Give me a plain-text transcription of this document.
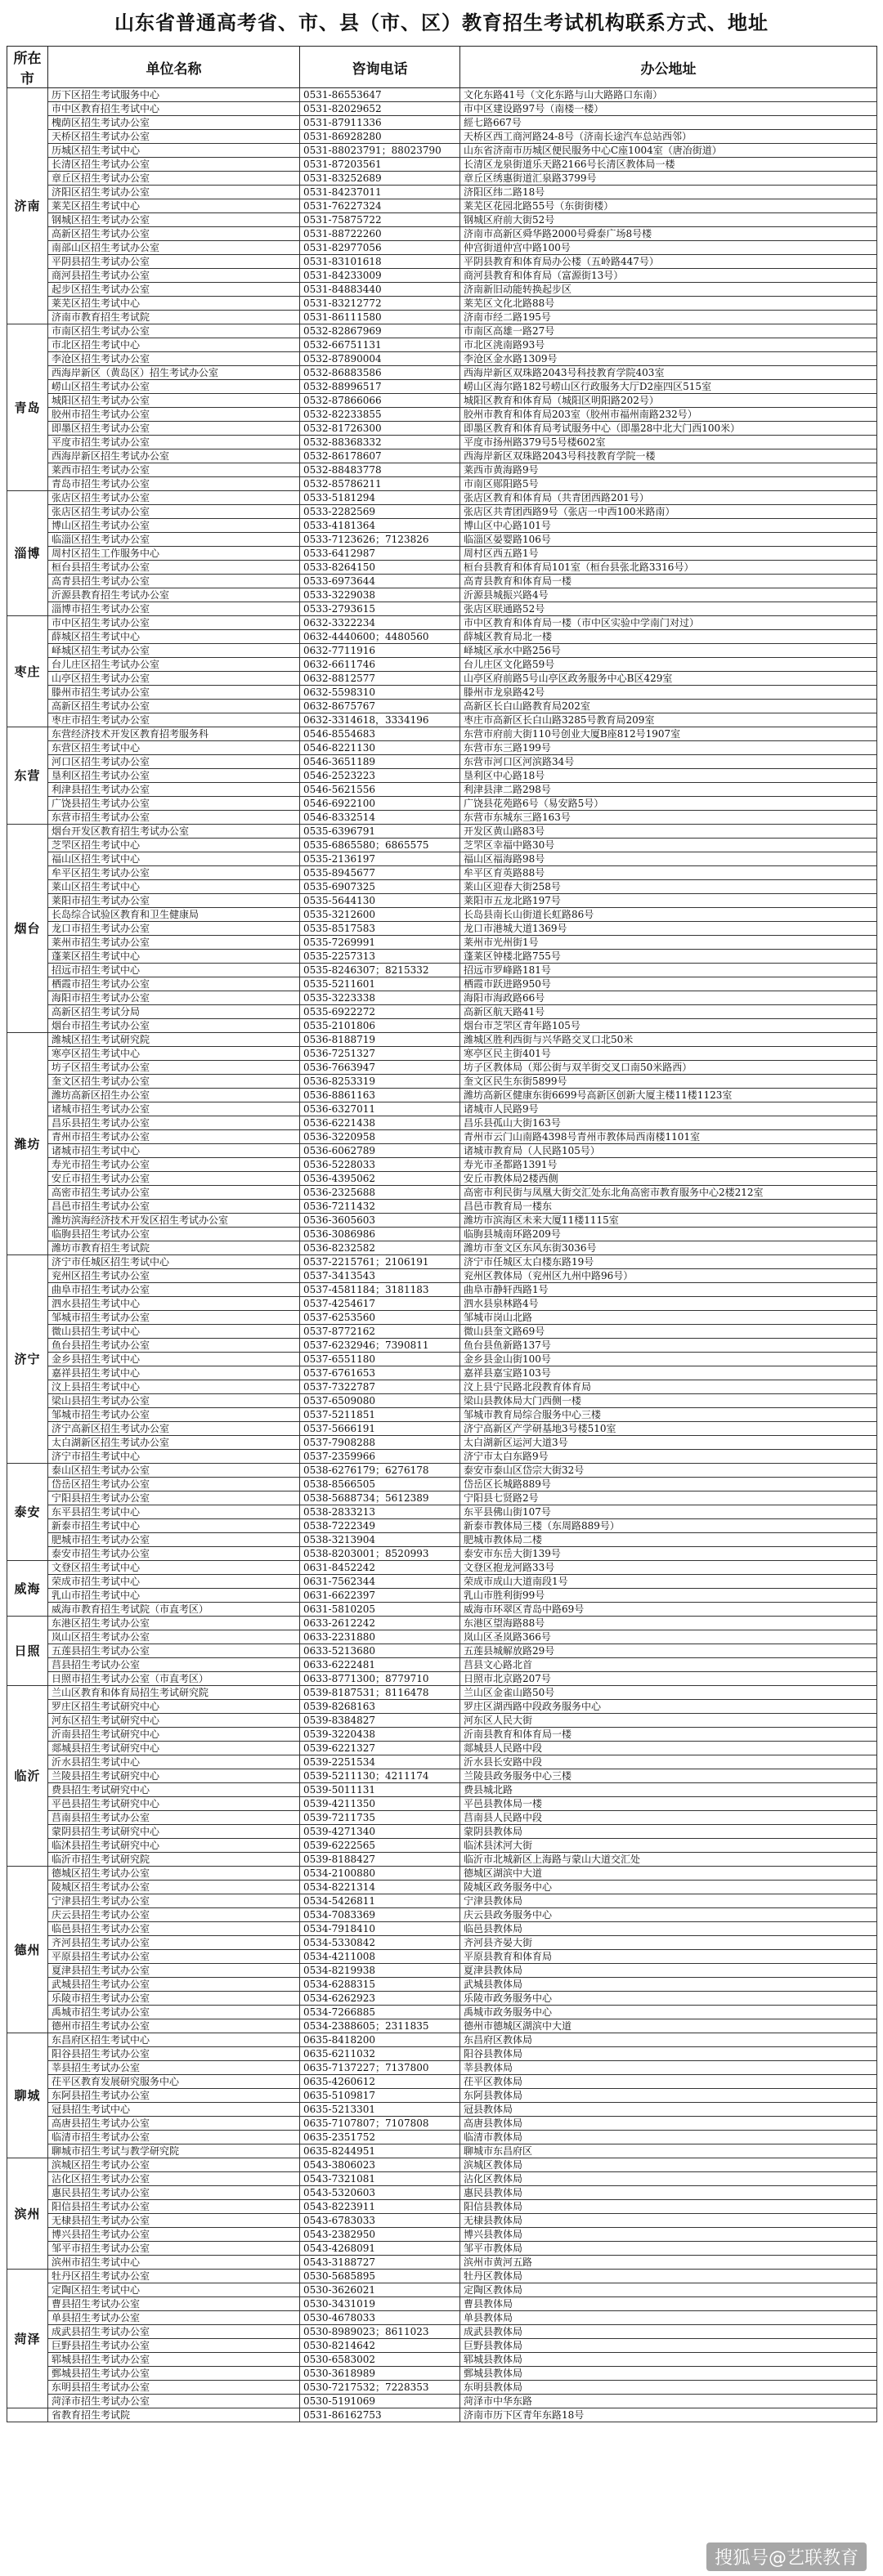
山东省普通高考省、市、县（市、区）教育招生考试机构联系方式、地址
所在市	单位名称	咨询电话	办公地址
济南	历下区招生考试服务中心	0531-86553647	文化东路41号（文化东路与山大路路口东南）
	市中区教育招生考试中心	0531-82029652	市中区建设路97号（南楼一楼）
	槐荫区招生考试办公室	0531-87911336	經七路667号
	天桥区招生考试办公室	0531-86928280	天桥区西工商河路24-8号（济南长途汽车总站西邻）
	历城区招生考试中心	0531-88023791；88023790	山东省济南市历城区便民服务中心C座1004室（唐冶街道）
	长清区招生考试办公室	0531-87203561	长清区龙泉街道乐天路2166号长清区教体局一楼
	章丘区招生考试办公室	0531-83252689	章丘区绣惠街道汇泉路3799号
	济阳区招生考试办公室	0531-84237011	济阳区纬二路18号
	莱芜区招生考试中心	0531-76227324	莱芜区花园北路55号（东街街楼）
	钢城区招生考试办公室	0531-75875722	钢城区府前大街52号
	高新区招生考试办公室	0531-88722260	济南市高新区舜华路2000号舜泰广场8号楼
	南部山区招生考试办公室	0531-82977056	仲宫街道仲宫中路100号
	平阴县招生考试办公室	0531-83101618	平阴县教育和体育局办公楼（五岭路447号）
	商河县招生考试办公室	0531-84233009	商河县教育和体育局（富源街13号）
	起步区招生考试办公室	0531-84883440	济南新旧动能转换起步区
	莱芜区招生考试中心	0531-83212772	莱芜区文化北路88号
	济南市教育招生考试院	0531-86111580	济南市经二路195号
青岛	市南区招生考试办公室	0532-82867969	市南区高雄一路27号
	市北区招生考试中心	0532-66751131	市北区洮南路93号
	李沧区招生考试办公室	0532-87890004	李沧区金水路1309号
	西海岸新区（黄岛区）招生考试办公室	0532-86883586	西海岸新区双珠路2043号科技教育学院403室
	崂山区招生考试办公室	0532-88996517	崂山区海尔路182号崂山区行政服务大厅D2座四区515室
	城阳区招生考试办公室	0532-87866066	城阳区教育和体育局（城阳区明阳路202号）
	胶州市招生考试办公室	0532-82233855	胶州市教育和体育局203室（胶州市福州南路232号）
	即墨区招生考试办公室	0532-81726300	即墨区教育和体育局考试服务中心（即墨28中北大门西100米）
	平度市招生考试办公室	0532-88368332	平度市扬州路379号5号楼602室
	西海岸新区招生考试办公室	0532-86178607	西海岸新区双珠路2043号科技教育学院一楼
	莱西市招生考试办公室	0532-88483778	莱西市黄海路9号
	青岛市招生考试办公室	0532-85786211	市南区郧阳路5号
淄博	张店区招生考试办公室	0533-5181294	张店区教育和体育局（共青团西路201号）
	张店区招生考试办公室	0533-2282569	张店区共青团西路9号（张店一中西100米路南）
	博山区招生考试办公室	0533-4181364	博山区中心路101号
	临淄区招生考试办公室	0533-7123626；7123826	临淄区晏婴路106号
	周村区招生工作服务中心	0533-6412987	周村区西五路1号
	桓台县招生考试办公室	0533-8264150	桓台县教育和体育局101室（桓台县张北路3316号）
	高青县招生考试办公室	0533-6973644	高青县教育和体育局一楼
	沂源县教育招生考试办公室	0533-3229038	沂源县城振兴路4号
	淄博市招生考试办公室	0533-2793615	张店区联通路52号
枣庄	市中区招生考试办公室	0632-3322234	市中区教育和体育局一楼（市中区实验中学南门对过）
	薛城区招生考试中心	0632-4440600；4480560	薛城区教育局北一楼
	峄城区招生考试办公室	0632-7711916	峄城区承水中路256号
	台儿庄区招生考试办公室	0632-6611746	台儿庄区文化路59号
	山亭区招生考试办公室	0632-8812577	山亭区府前路5号山亭区政务服务中心B区429室
	滕州市招生考试办公室	0632-5598310	滕州市龙泉路42号
	高新区招生考试办公室	0632-8675767	高新区长白山路教育局202室
	枣庄市招生考试办公室	0632-3314618，3334196	枣庄市高新区长白山路3285号教育局209室
东营	东营经济技术开发区教育招考服务科	0546-8554683	东营市府前大街110号创业大厦B座812号1907室
	东营区招生考试中心	0546-8221130	东营市东三路199号
	河口区招生考试办公室	0546-3651189	东营市河口区河滨路34号
	垦利区招生考试办公室	0546-2523223	垦利区中心路18号
	利津县招生考试办公室	0546-5621556	利津县津二路298号
	广饶县招生考试办公室	0546-6922100	广饶县花苑路6号（易安路5号）
	东营市招生考试办公室	0546-8332514	东营市东城东三路163号
烟台	烟台开发区教育招生考试办公室	0535-6396791	开发区黄山路83号
	芝罘区招生考试中心	0535-6865580；6865575	芝罘区幸福中路30号
	福山区招生考试中心	0535-2136197	福山区福海路98号
	牟平区招生考试办公室	0535-8945677	牟平区育英路88号
	莱山区招生考试中心	0535-6907325	莱山区迎春大街258号
	莱阳市招生考试办公室	0535-5644130	莱阳市五龙北路197号
	长岛综合试验区教育和卫生健康局	0535-3212600	长岛县南长山街道长虹路86号
	龙口市招生考试办公室	0535-8517583	龙口市港城大道1369号
	莱州市招生考试办公室	0535-7269991	莱州市光州街1号
	蓬莱区招生考试中心	0535-2257313	蓬莱区钟楼北路755号
	招远市招生考试中心	0535-8246307；8215332	招远市罗峰路181号
	栖霞市招生考试办公室	0535-5211601	栖霞市跃进路950号
	海阳市招生考试办公室	0535-3223338	海阳市海政路66号
	高新区招生考试分局	0535-6922272	高新区航天路41号
	烟台市招生考试办公室	0535-2101806	烟台市芝罘区青年路105号
潍坊	潍城区招生考试研究院	0536-8188719	潍城区胜利西街与兴华路交叉口北50米
	寒亭区招生考试中心	0536-7251327	寒亭区民主街401号
	坊子区招生考试办公室	0536-7663947	坊子区教体局（郑公街与双羊街交叉口南50米路西）
	奎文区招生考试办公室	0536-8253319	奎文区民生东街5899号
	潍坊高新区招生办公室	0536-8861163	潍坊高新区健康东街6699号高新区创新大厦主楼11楼1123室
	诸城市招生考试办公室	0536-6327011	诸城市人民路9号
	昌乐县招生考试办公室	0536-6221438	昌乐县孤山大街163号
	青州市招生考试办公室	0536-3220958	青州市云门山南路4398号青州市教体局西南楼1101室
	诸城市招生考试中心	0536-6062789	诸城市教育局（人民路105号）
	寿光市招生考试办公室	0536-5228033	寿光市圣都路1391号
	安丘市招生考试办公室	0536-4395062	安丘市教体局2楼西侧
	高密市招生考试办公室	0536-2325688	高密市利民街与凤凰大街交汇处东北角高密市教育服务中心2楼212室
	昌邑市招生考试办公室	0536-7211432	昌邑市教育局一楼东
	潍坊滨海经济技术开发区招生考试办公室	0536-3605603	潍坊市滨海区未来大厦11楼1115室
	临朐县招生考试办公室	0536-3086986	临朐县城南环路209号
	潍坊市教育招生考试院	0536-8232582	潍坊市奎文区东风东街3036号
济宁	济宁市任城区招生考试中心	0537-2215761；2106191	济宁市任城区太白楼东路19号
	兖州区招生考试办公室	0537-3413543	兖州区教体局（兖州区九州中路96号）
	曲阜市招生考试办公室	0537-4581184；3181183	曲阜市静轩西路1号
	泗水县招生考试中心	0537-4254617	泗水县泉林路4号
	邹城市招生考试办公室	0537-6253560	邹城市岗山北路
	微山县招生考试中心	0537-8772162	微山县奎文路69号
	鱼台县招生考试办公室	0537-6232946；7390811	鱼台县鱼新路137号
	金乡县招生考试中心	0537-6551180	金乡县金山街100号
	嘉祥县招生考试中心	0537-6761653	嘉祥县嘉宝路103号
	汶上县招生考试中心	0537-7322787	汶上县宁民路北段教育体育局
	梁山县招生考试办公室	0537-6509080	梁山县教体局大门西侧一楼
	邹城市招生考试办公室	0537-5211851	邹城市教育局综合服务中心三楼
	济宁高新区招生考试办公室	0537-5666191	济宁高新区产学研基地3号楼510室
	太白湖新区招生考试办公室	0537-7908288	太白湖新区运河大道3号
	济宁市招生考试中心	0537-2359966	济宁市太白东路9号
泰安	泰山区招生考试办公室	0538-6276179；6276178	泰安市泰山区岱宗大街32号
	岱岳区招生考试办公室	0538-8566505	岱岳区长城路889号
	宁阳县招生考试办公室	0538-5688734；5612389	宁阳县七贤路2号
	东平县招生考试中心	0538-2833213	东平县佛山街107号
	新泰市招生考试中心	0538-7222349	新泰市教体局三楼（东周路889号）
	肥城市招生考试办公室	0538-3213904	肥城市教体局二楼
	泰安市招生考试办公室	0538-8203001；8520993	泰安市东岳大街139号
威海	文登区招生考试中心	0631-8452242	文登区抱龙河路33号
	荣成市招生考试中心	0631-7562344	荣成市成山大道南段1号
	乳山市招生考试中心	0631-6622397	乳山市胜利街99号
	威海市教育招生考试院（市直考区）	0631-5810205	威海市环翠区青岛中路69号
日照	东港区招生考试办公室	0633-2612242	东港区望海路88号
	岚山区招生考试办公室	0633-2231880	岚山区圣岚路366号
	五莲县招生考试办公室	0633-5213680	五莲县城解放路29号
	莒县招生考试办公室	0633-6222481	莒县文心路北首
	日照市招生考试办公室（市直考区）	0633-8771300；8779710	日照市北京路207号
临沂	兰山区教育和体育局招生考试研究院	0539-8187531；8116478	兰山区金雀山路50号
	罗庄区招生考试研究中心	0539-8268163	罗庄区湖西路中段政务服务中心
	河东区招生考试研究中心	0539-8384827	河东区人民大街
	沂南县招生考试研究中心	0539-3220438	沂南县教育和体育局一楼
	郯城县招生考试研究中心	0539-6221327	郯城县人民路中段
	沂水县招生考试中心	0539-2251534	沂水县长安路中段
	兰陵县招生考试研究中心	0539-5211130；4211174	兰陵县政务服务中心三楼
	费县招生考试研究中心	0539-5011131	费县城北路
	平邑县招生考试研究中心	0539-4211350	平邑县教体局一楼
	莒南县招生考试办公室	0539-7211735	莒南县人民路中段
	蒙阴县招生考试研究中心	0539-4271340	蒙阴县教体局
	临沭县招生考试研究中心	0539-6222565	临沭县沭河大街
	临沂市招生考试研究院	0539-8188427	临沂市北城新区上海路与蒙山大道交汇处
德州	德城区招生考试办公室	0534-2100880	德城区湖滨中大道
	陵城区招生考试办公室	0534-8221314	陵城区政务服务中心
	宁津县招生考试办公室	0534-5426811	宁津县教体局
	庆云县招生考试办公室	0534-7083369	庆云县政务服务中心
	临邑县招生考试办公室	0534-7918410	临邑县教体局
	齐河县招生考试办公室	0534-5330842	齐河县齐晏大街
	平原县招生考试办公室	0534-4211008	平原县教育和体育局
	夏津县招生考试办公室	0534-8219938	夏津县教体局
	武城县招生考试办公室	0534-6288315	武城县教体局
	乐陵市招生考试办公室	0534-6262923	乐陵市政务服务中心
	禹城市招生考试办公室	0534-7266885	禹城市政务服务中心
	德州市招生考试办公室	0534-2388605；2311835	德州市德城区湖滨中大道
聊城	东昌府区招生考试中心	0635-8418200	东昌府区教体局
	阳谷县招生考试办公室	0635-6211032	阳谷县教体局
	莘县招生考试办公室	0635-7137227；7137800	莘县教体局
	茌平区教育发展研究服务中心	0635-4260612	茌平区教体局
	东阿县招生考试办公室	0635-5109817	东阿县教体局
	冠县招生考试中心	0635-5213301	冠县教体局
	高唐县招生考试办公室	0635-7107807；7107808	高唐县教体局
	临清市招生考试办公室	0635-2351752	临清市教体局
	聊城市招生考试与教学研究院	0635-8244951	聊城市东昌府区
滨州	滨城区招生考试办公室	0543-3806023	滨城区教体局
	沾化区招生考试办公室	0543-7321081	沾化区教体局
	惠民县招生考试办公室	0543-5320603	惠民县教体局
	阳信县招生考试办公室	0543-8223911	阳信县教体局
	无棣县招生考试办公室	0543-6783033	无棣县教体局
	博兴县招生考试办公室	0543-2382950	博兴县教体局
	邹平市招生考试办公室	0543-4268091	邹平市教体局
	滨州市招生考试中心	0543-3188727	滨州市黄河五路
菏泽	牡丹区招生考试办公室	0530-5685895	牡丹区教体局
	定陶区招生考试中心	0530-3626021	定陶区教体局
	曹县招生考试办公室	0530-3431019	曹县教体局
	单县招生考试办公室	0530-4678033	单县教体局
	成武县招生考试办公室	0530-8989023；8611023	成武县教体局
	巨野县招生考试办公室	0530-8214642	巨野县教体局
	郓城县招生考试办公室	0530-6583002	郓城县教体局
	鄄城县招生考试办公室	0530-3618989	鄄城县教体局
	东明县招生考试办公室	0530-7217532；7228353	东明县教体局
	菏泽市招生考试办公室	0530-5191069	菏泽市中华东路
	省教育招生考试院	0531-86162753	济南市历下区青年东路18号
搜狐号@艺联教育
